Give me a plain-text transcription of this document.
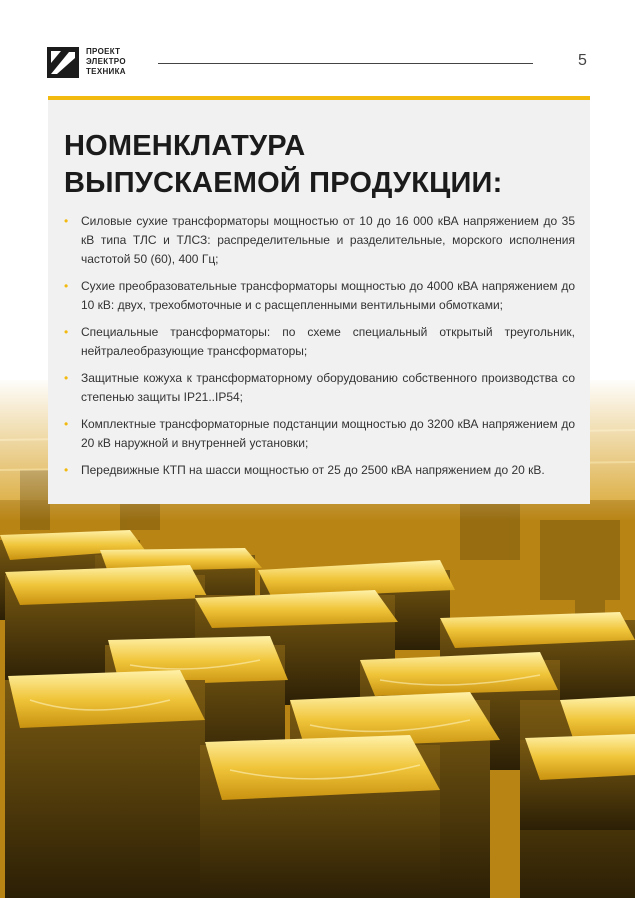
ПРОЕКТ
ЭЛЕКТРО
ТЕХНИКА
5
НОМЕНКЛАТУРА
ВЫПУСКАЕМОЙ ПРОДУКЦИИ:
• Силовые сухие трансформаторы мощностью от 10 до 16 000 кВА напряжением до 35 кВ типа ТЛС и ТЛСЗ: распределительные и разделительные, морского исполнения частотой 50 (60), 400 Гц;
• Сухие преобразовательные трансформаторы мощностью до 4000 кВА напряжением до 10 кВ: двух, трехобмоточные и с расщепленными вентильными обмотками;
• Специальные трансформаторы: по схеме специальный открытый треугольник, нейтралеобразующие трансформаторы;
• Защитные кожуха к трансформаторному оборудованию собственного производства со степенью защиты IP21..IP54;
• Комплектные трансформаторные подстанции мощностью до 3200 кВА напряжением до 20 кВ наружной и внутренней установки;
• Передвижные КТП на шасси мощностью от 25 до 2500 кВА напряжением до 20 кВ.
